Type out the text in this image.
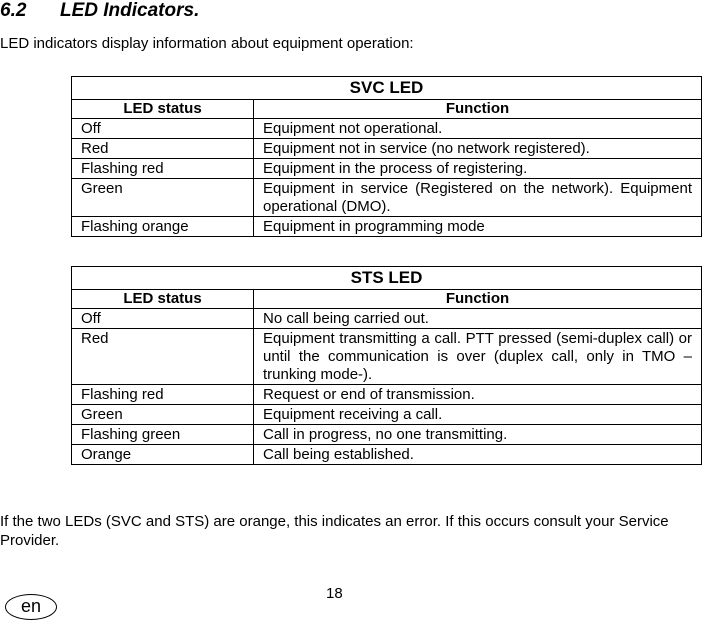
6.2 LED Indicators.
LED indicators display information about equipment operation:
SVC LED	
LED status	Function
Off	Equipment not operational.
Red	Equipment not in service (no network registered).
Flashing red	Equipment in the process of registering.
Green	Equipment in service (Registered on the network). Equipment operational (DMO).
Flashing orange	Equipment in programming mode
STS LED	
LED status	Function
Off	No call being carried out.
Red	Equipment transmitting a call. PTT pressed (semi-duplex call) or until the communication is over (duplex call, only in TMO –trunking mode-).
Flashing red	Request or end of transmission.
Green	Equipment receiving a call.
Flashing green	Call in progress, no one transmitting.
Orange	Call being established.
If the two LEDs (SVC and STS) are orange, this indicates an error. If this occurs consult your Service Provider.
18
en
